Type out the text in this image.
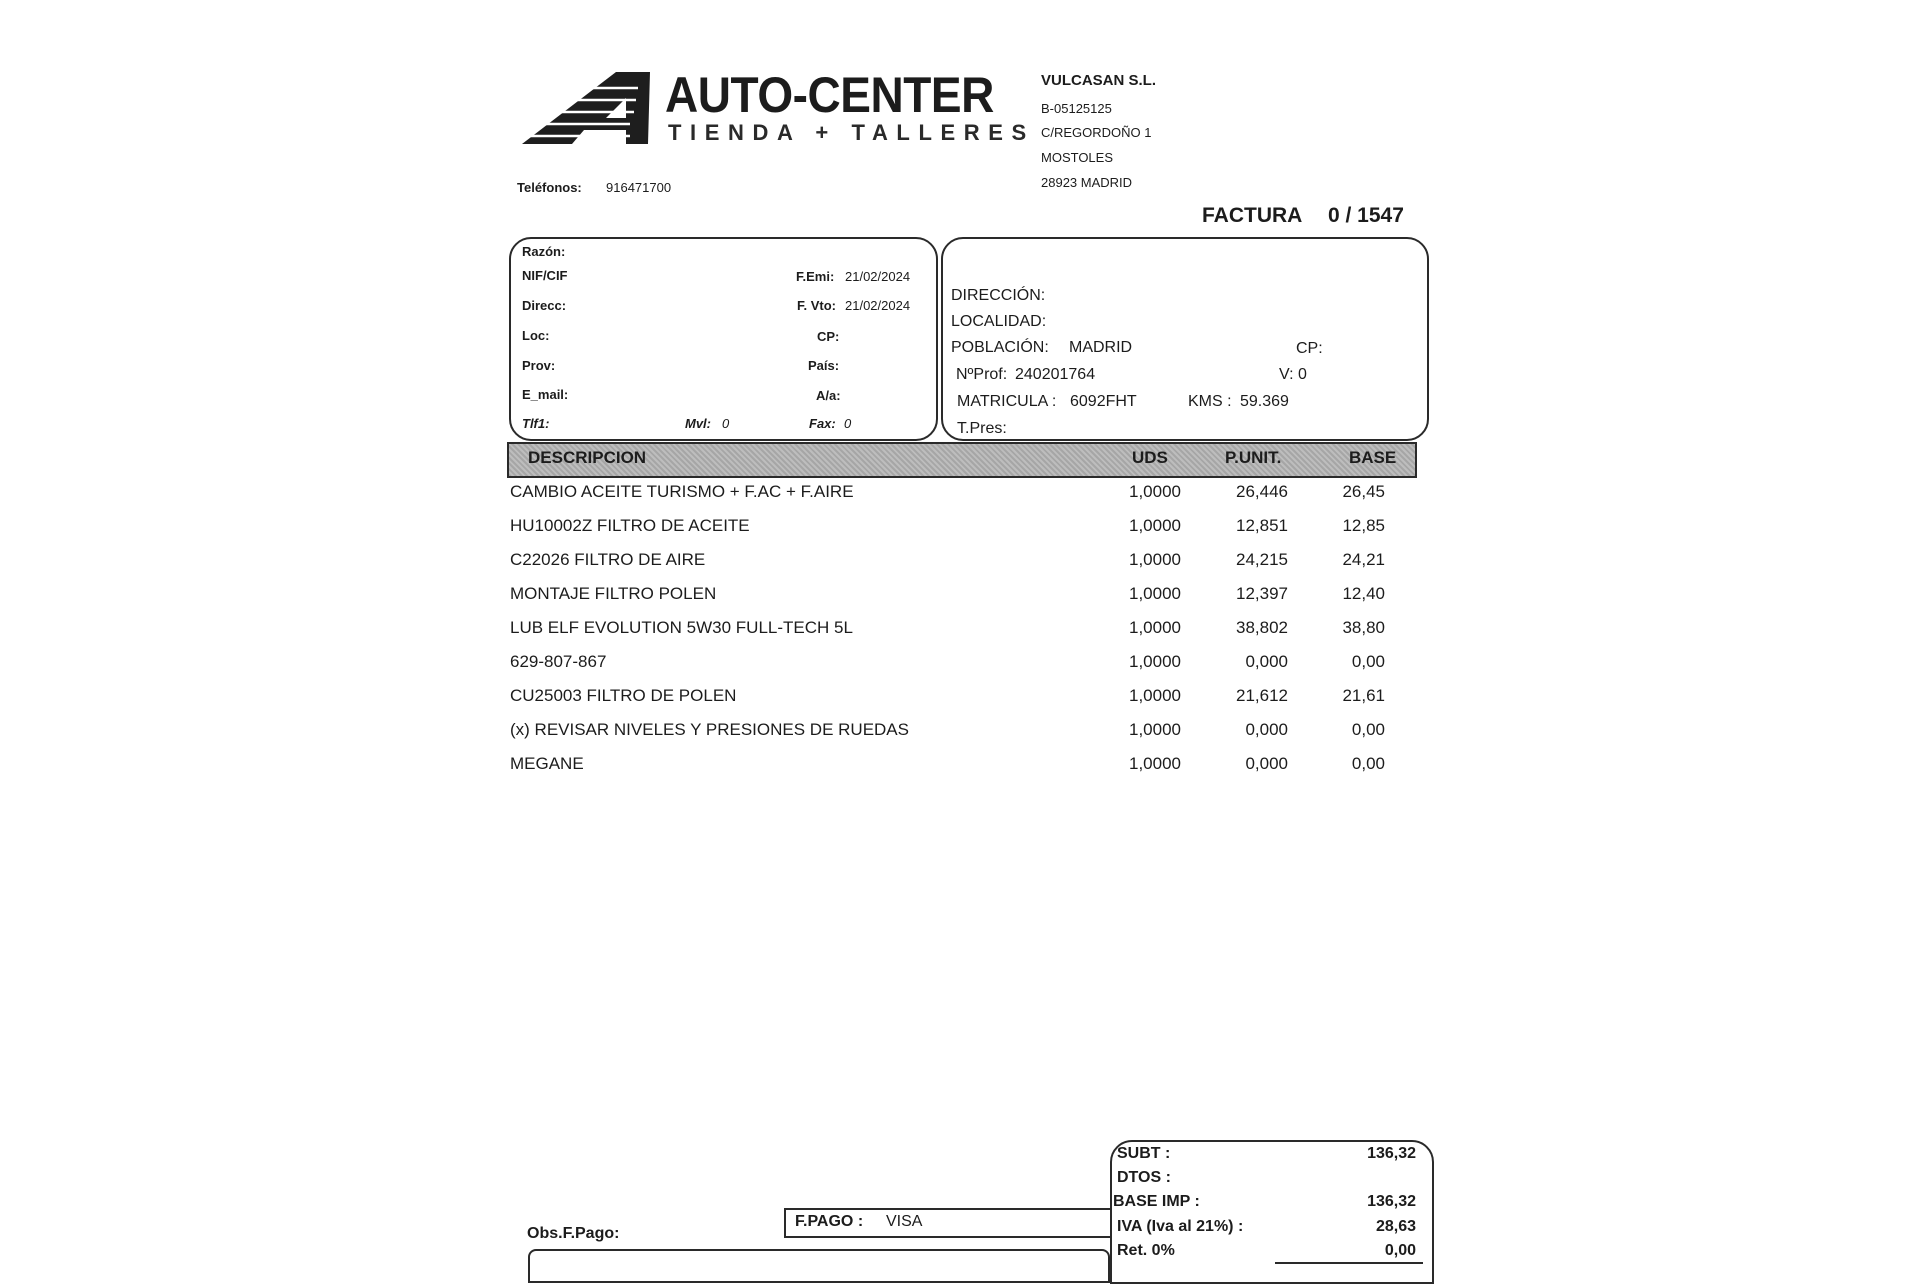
AUTO-CENTER
TIENDA + TALLERES
VULCASAN S.L.
B-05125125
C/REGORDOÑO 1
MOSTOLES
28923 MADRID
Teléfonos: 916471700
FACTURA 0 / 1547
Razón:
NIF/CIF
Direcc:
Loc:
Prov:
E_mail:
Tlf1:	Mvl: 0
F.Emi: 21/02/2024
F. Vto: 21/02/2024
CP:
País:
A/a:
Fax: 0
DIRECCIÓN:
LOCALIDAD:
POBLACIÓN: MADRID	CP:
NºProf: 240201764	V: 0
MATRICULA : 6092FHT	KMS : 59.369
T.Pres:
DESCRIPCION	UDS	P.UNIT.	BASE
CAMBIO ACEITE TURISMO + F.AC + F.AIRE	1,0000	26,446	26,45
HU10002Z FILTRO DE ACEITE	1,0000	12,851	12,85
C22026 FILTRO DE AIRE	1,0000	24,215	24,21
MONTAJE FILTRO POLEN	1,0000	12,397	12,40
LUB ELF EVOLUTION 5W30 FULL-TECH 5L	1,0000	38,802	38,80
629-807-867	1,0000	0,000	0,00
CU25003 FILTRO DE POLEN	1,0000	21,612	21,61
(x) REVISAR NIVELES Y PRESIONES DE RUEDAS	1,0000	0,000	0,00
MEGANE	1,0000	0,000	0,00
Obs.F.Pago:
F.PAGO : VISA
SUBT :	136,32
DTOS :
BASE IMP :	136,32
IVA (Iva al 21%) :	28,63
Ret. 0%	0,00
